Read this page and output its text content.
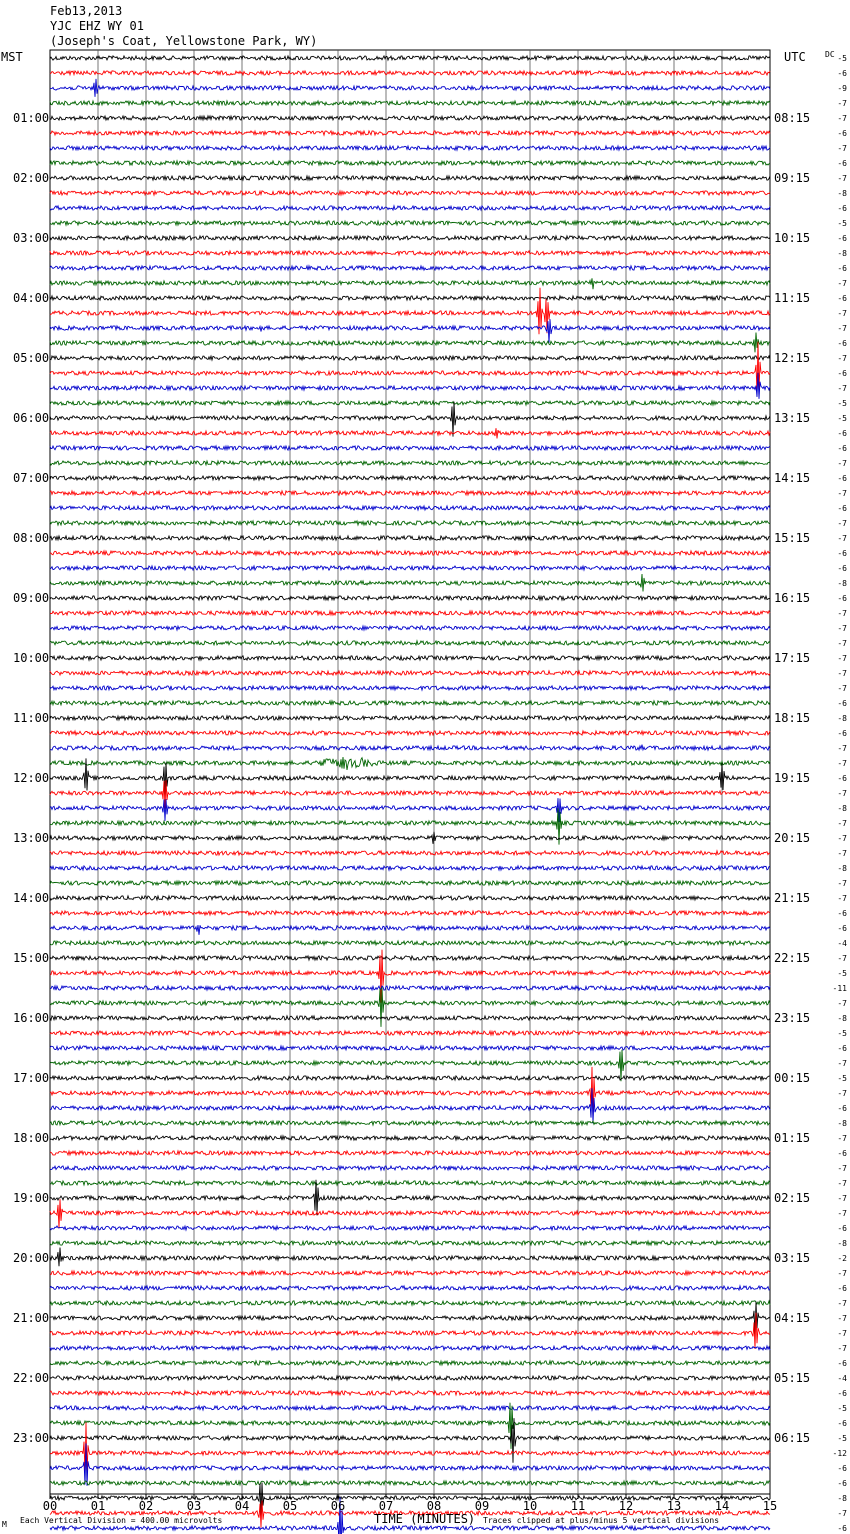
Feb13,2013
YJC EHZ WY 01
(Joseph's Coat, Yellowstone Park, WY)
-5
-6
-9
-7
-7
-6
-7
-6
-7
-8
-6
-5
-6
-8
-6
-7
-6
-7
-7
-6
-7
-6
-7
-5
-5
-6
-6
-7
-6
-7
-6
-7
-7
-6
-6
-8
-6
-7
-7
-7
-7
-7
-7
-6
-8
-6
-7
-7
-6
-7
-8
-7
-7
-7
-8
-7
-7
-6
-6
-4
-7
-5
-11
-7
-8
-5
-6
-7
-5
-7
-6
-8
-7
-6
-7
-7
-7
-7
-6
-8
-2
-7
-6
-7
-7
-7
-7
-6
-4
-6
-5
-6
-5
-12
-6
-6
-8
-7
-6
01:00	08:15
02:00	09:15
03:00	10:15
04:00	11:15
05:00	12:15
06:00	13:15
07:00	14:15
08:00	15:15
09:00	16:15
10:00	17:15
11:00	18:15
12:00	19:15
13:00	20:15
14:00	21:15
15:00	22:15
16:00	23:15
17:00	00:15
18:00	01:15
19:00	02:15
20:00	03:15
21:00	04:15
22:00	05:15
23:00	06:15
00	01	02	03	04	05	06	07	08	09	10	11	12	13	14	15
MST	UTC DC
TIME (MINUTES)
Each Vertical Division = 400.00 microvolts	Traces clipped at plus/minus 5 vertical divisions
M
